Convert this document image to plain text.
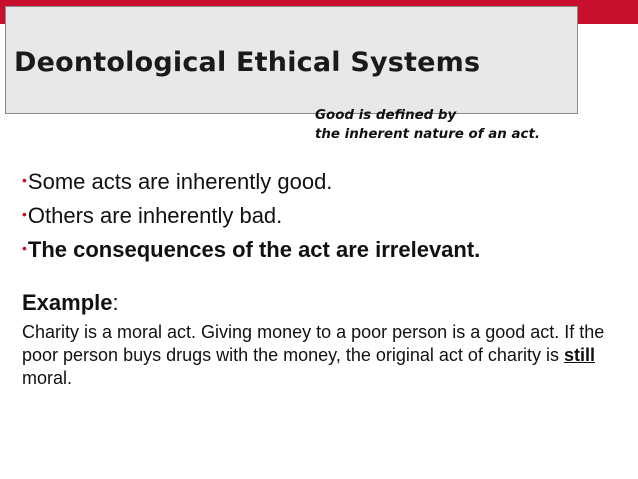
Deontological Ethical Systems
Good is defined by
the inherent nature of an act.
•Some acts are inherently good.
•Others are inherently bad.
•The consequences of the act are irrelevant.
Example:
Charity is a moral act. Giving money to a poor person is a good act. If the poor person buys drugs with the money, the original act of charity is still moral.
